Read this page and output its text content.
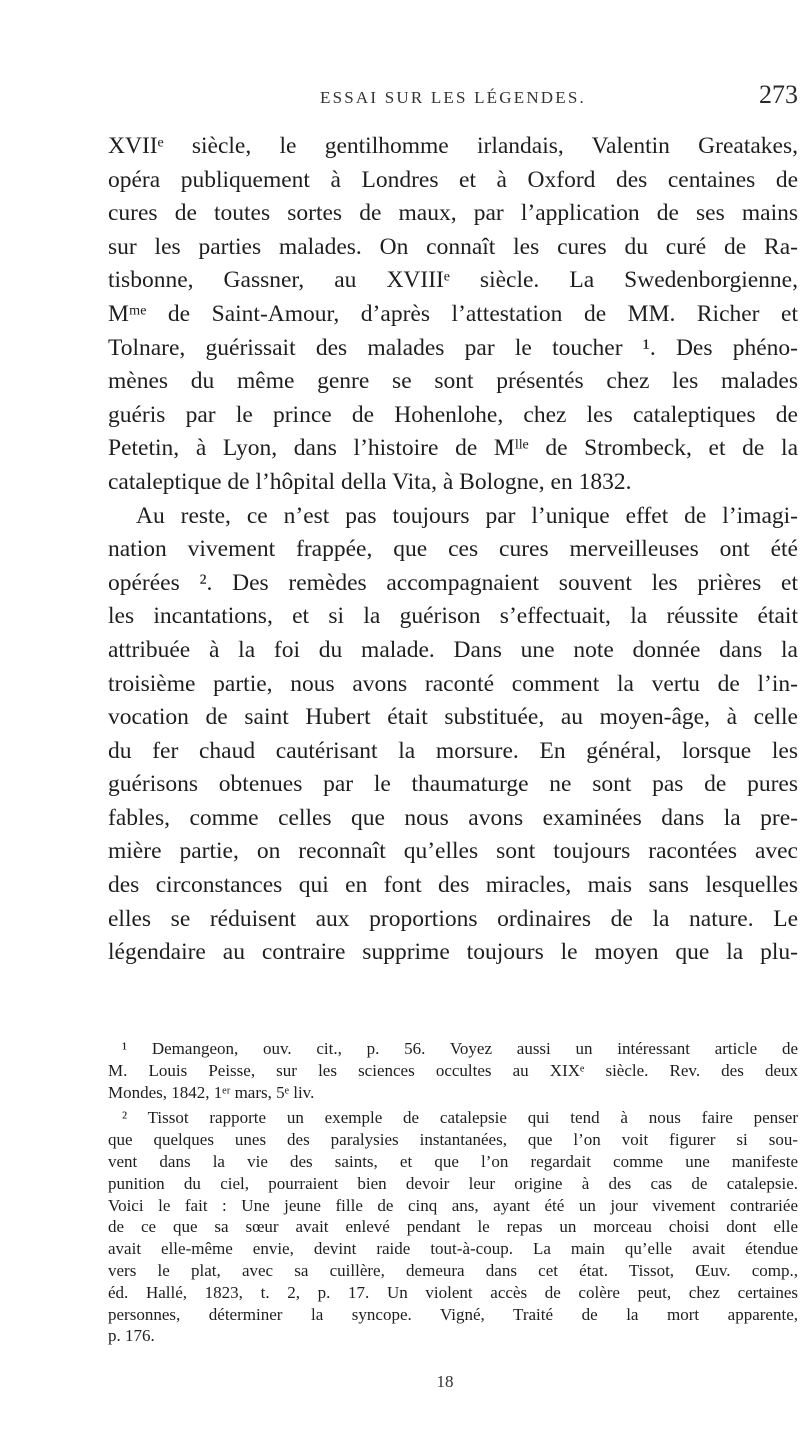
ESSAI SUR LES LÉGENDES.	273

XVIIᵉ siècle, le gentilhomme irlandais, Valentin Greatakes,
opéra publiquement à Londres et à Oxford des centaines de
cures de toutes sortes de maux, par l’application de ses mains
sur les parties malades. On connaît les cures du curé de Ra-
tisbonne, Gassner, au XVIIIᵉ siècle. La Swedenborgienne,
Mᵐᵉ de Saint-Amour, d’après l’attestation de MM. Richer et
Tolnare, guérissait des malades par le toucher ¹. Des phéno-
mènes du même genre se sont présentés chez les malades
guéris par le prince de Hohenlohe, chez les cataleptiques de
Petetin, à Lyon, dans l’histoire de Mˡˡᵉ de Strombeck, et de la
cataleptique de l’hôpital della Vita, à Bologne, en 1832.

Au reste, ce n’est pas toujours par l’unique effet de l’imagi-
nation vivement frappée, que ces cures merveilleuses ont été
opérées ². Des remèdes accompagnaient souvent les prières et
les incantations, et si la guérison s’effectuait, la réussite était
attribuée à la foi du malade. Dans une note donnée dans la
troisième partie, nous avons raconté comment la vertu de l’in-
vocation de saint Hubert était substituée, au moyen-âge, à celle
du fer chaud cautérisant la morsure. En général, lorsque les
guérisons obtenues par le thaumaturge ne sont pas de pures
fables, comme celles que nous avons examinées dans la pre-
mière partie, on reconnaît qu’elles sont toujours racontées avec
des circonstances qui en font des miracles, mais sans lesquelles
elles se réduisent aux proportions ordinaires de la nature. Le
légendaire au contraire supprime toujours le moyen que la plu-

¹ Demangeon, ouv. cit., p. 56. Voyez aussi un intéressant article de
M. Louis Peisse, sur les sciences occultes au XIXᵉ siècle. Rev. des deux
Mondes, 1842, 1ᵉʳ mars, 5ᵉ liv.
² Tissot rapporte un exemple de catalepsie qui tend à nous faire penser
que quelques unes des paralysies instantanées, que l’on voit figurer si sou-
vent dans la vie des saints, et que l’on regardait comme une manifeste
punition du ciel, pourraient bien devoir leur origine à des cas de catalepsie.
Voici le fait : Une jeune fille de cinq ans, ayant été un jour vivement contrariée
de ce que sa sœur avait enlevé pendant le repas un morceau choisi dont elle
avait elle-même envie, devint raide tout-à-coup. La main qu’elle avait étendue
vers le plat, avec sa cuillère, demeura dans cet état. Tissot, Œuv. comp.,
éd. Hallé, 1823, t. 2, p. 17. Un violent accès de colère peut, chez certaines
personnes, déterminer la syncope. Vigné, Traité de la mort apparente,
p. 176.
18
